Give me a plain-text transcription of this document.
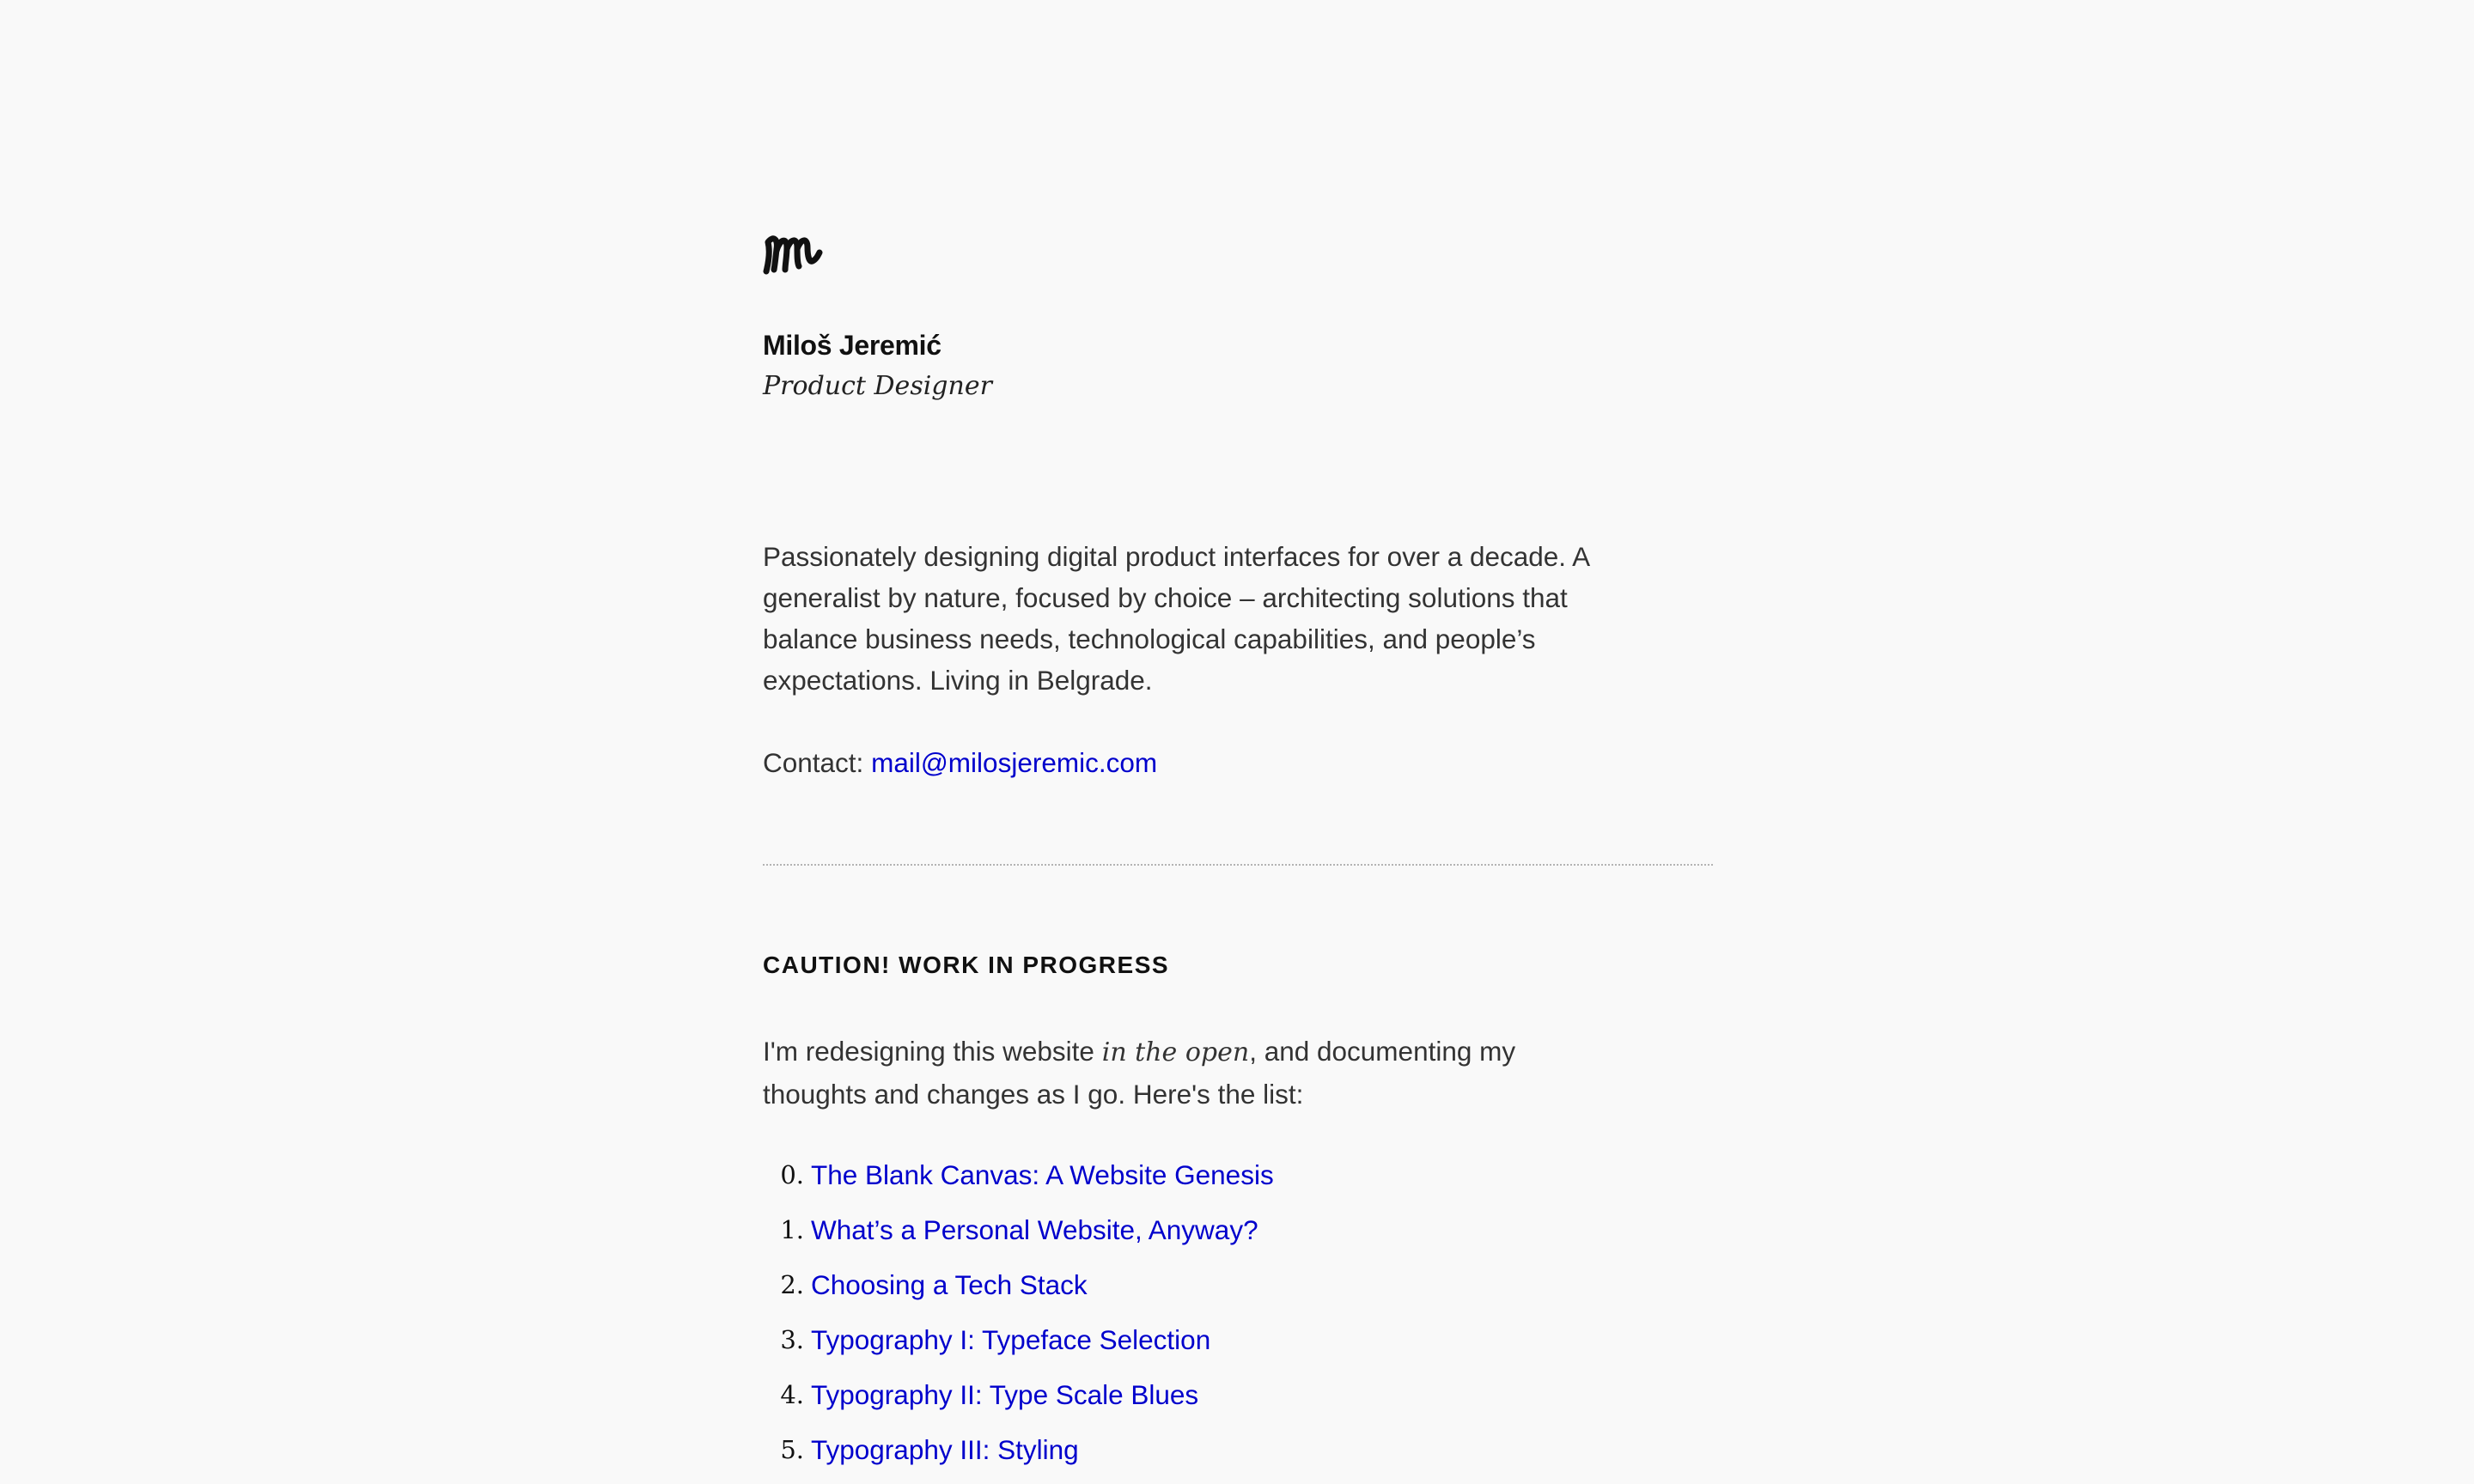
Miloš Jeremić
Product Designer

Passionately designing digital product interfaces for over a decade. A generalist by nature, focused by choice – architecting solutions that balance business needs, technological capabilities, and people’s expectations. Living in Belgrade.

Contact: mail@milosjeremic.com

CAUTION! WORK IN PROGRESS

I'm redesigning this website in the open, and documenting my thoughts and changes as I go. Here's the list:

0. The Blank Canvas: A Website Genesis
1. What’s a Personal Website, Anyway?
2. Choosing a Tech Stack
3. Typography I: Typeface Selection
4. Typography II: Type Scale Blues
5. Typography III: Styling
